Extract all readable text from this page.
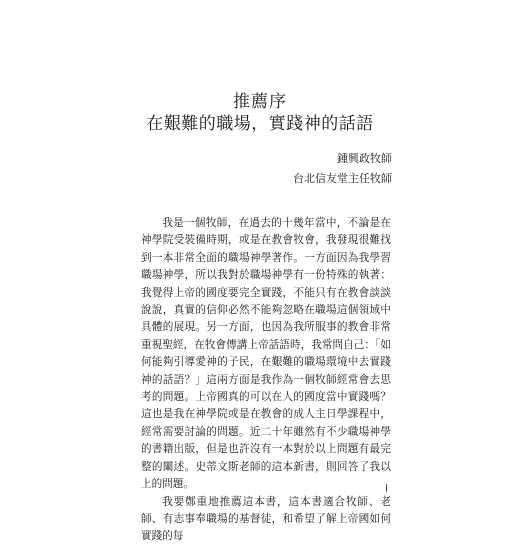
推薦序
在艱難的職場，實踐神的話語
鍾興政牧師
台北信友堂主任牧師

我是一個牧師，在過去的十幾年當中，不論是在神學院受裝備時期，或是在教會牧會，我發現很難找到一本非常全面的職場神學著作。一方面因為我學習職場神學，所以我對於職場神學有一份特殊的執著：我覺得上帝的國度要完全實踐，不能只有在教會談談說說，真實的信仰必然不能夠忽略在職場這個領域中具體的展現。另一方面，也因為我所服事的教會非常重視聖經，在牧會傳講上帝話語時，我常問自己：「如何能夠引導愛神的子民，在艱難的職場環境中去實踐神的話語？」這兩方面是我作為一個牧師經常會去思考的問題。上帝國真的可以在人的國度當中實踐嗎？這也是我在神學院或是在教會的成人主日學課程中，經常需要討論的問題。近二十年雖然有不少職場神學的書籍出版，但是也許沒有一本對於以上問題有最完整的闡述。史蒂文斯老師的這本新書，則回答了我以上的問題。

我要鄭重地推薦這本書，這本書適合牧師、老師、有志事奉職場的基督徒，和希望了解上帝國如何實踐的每
